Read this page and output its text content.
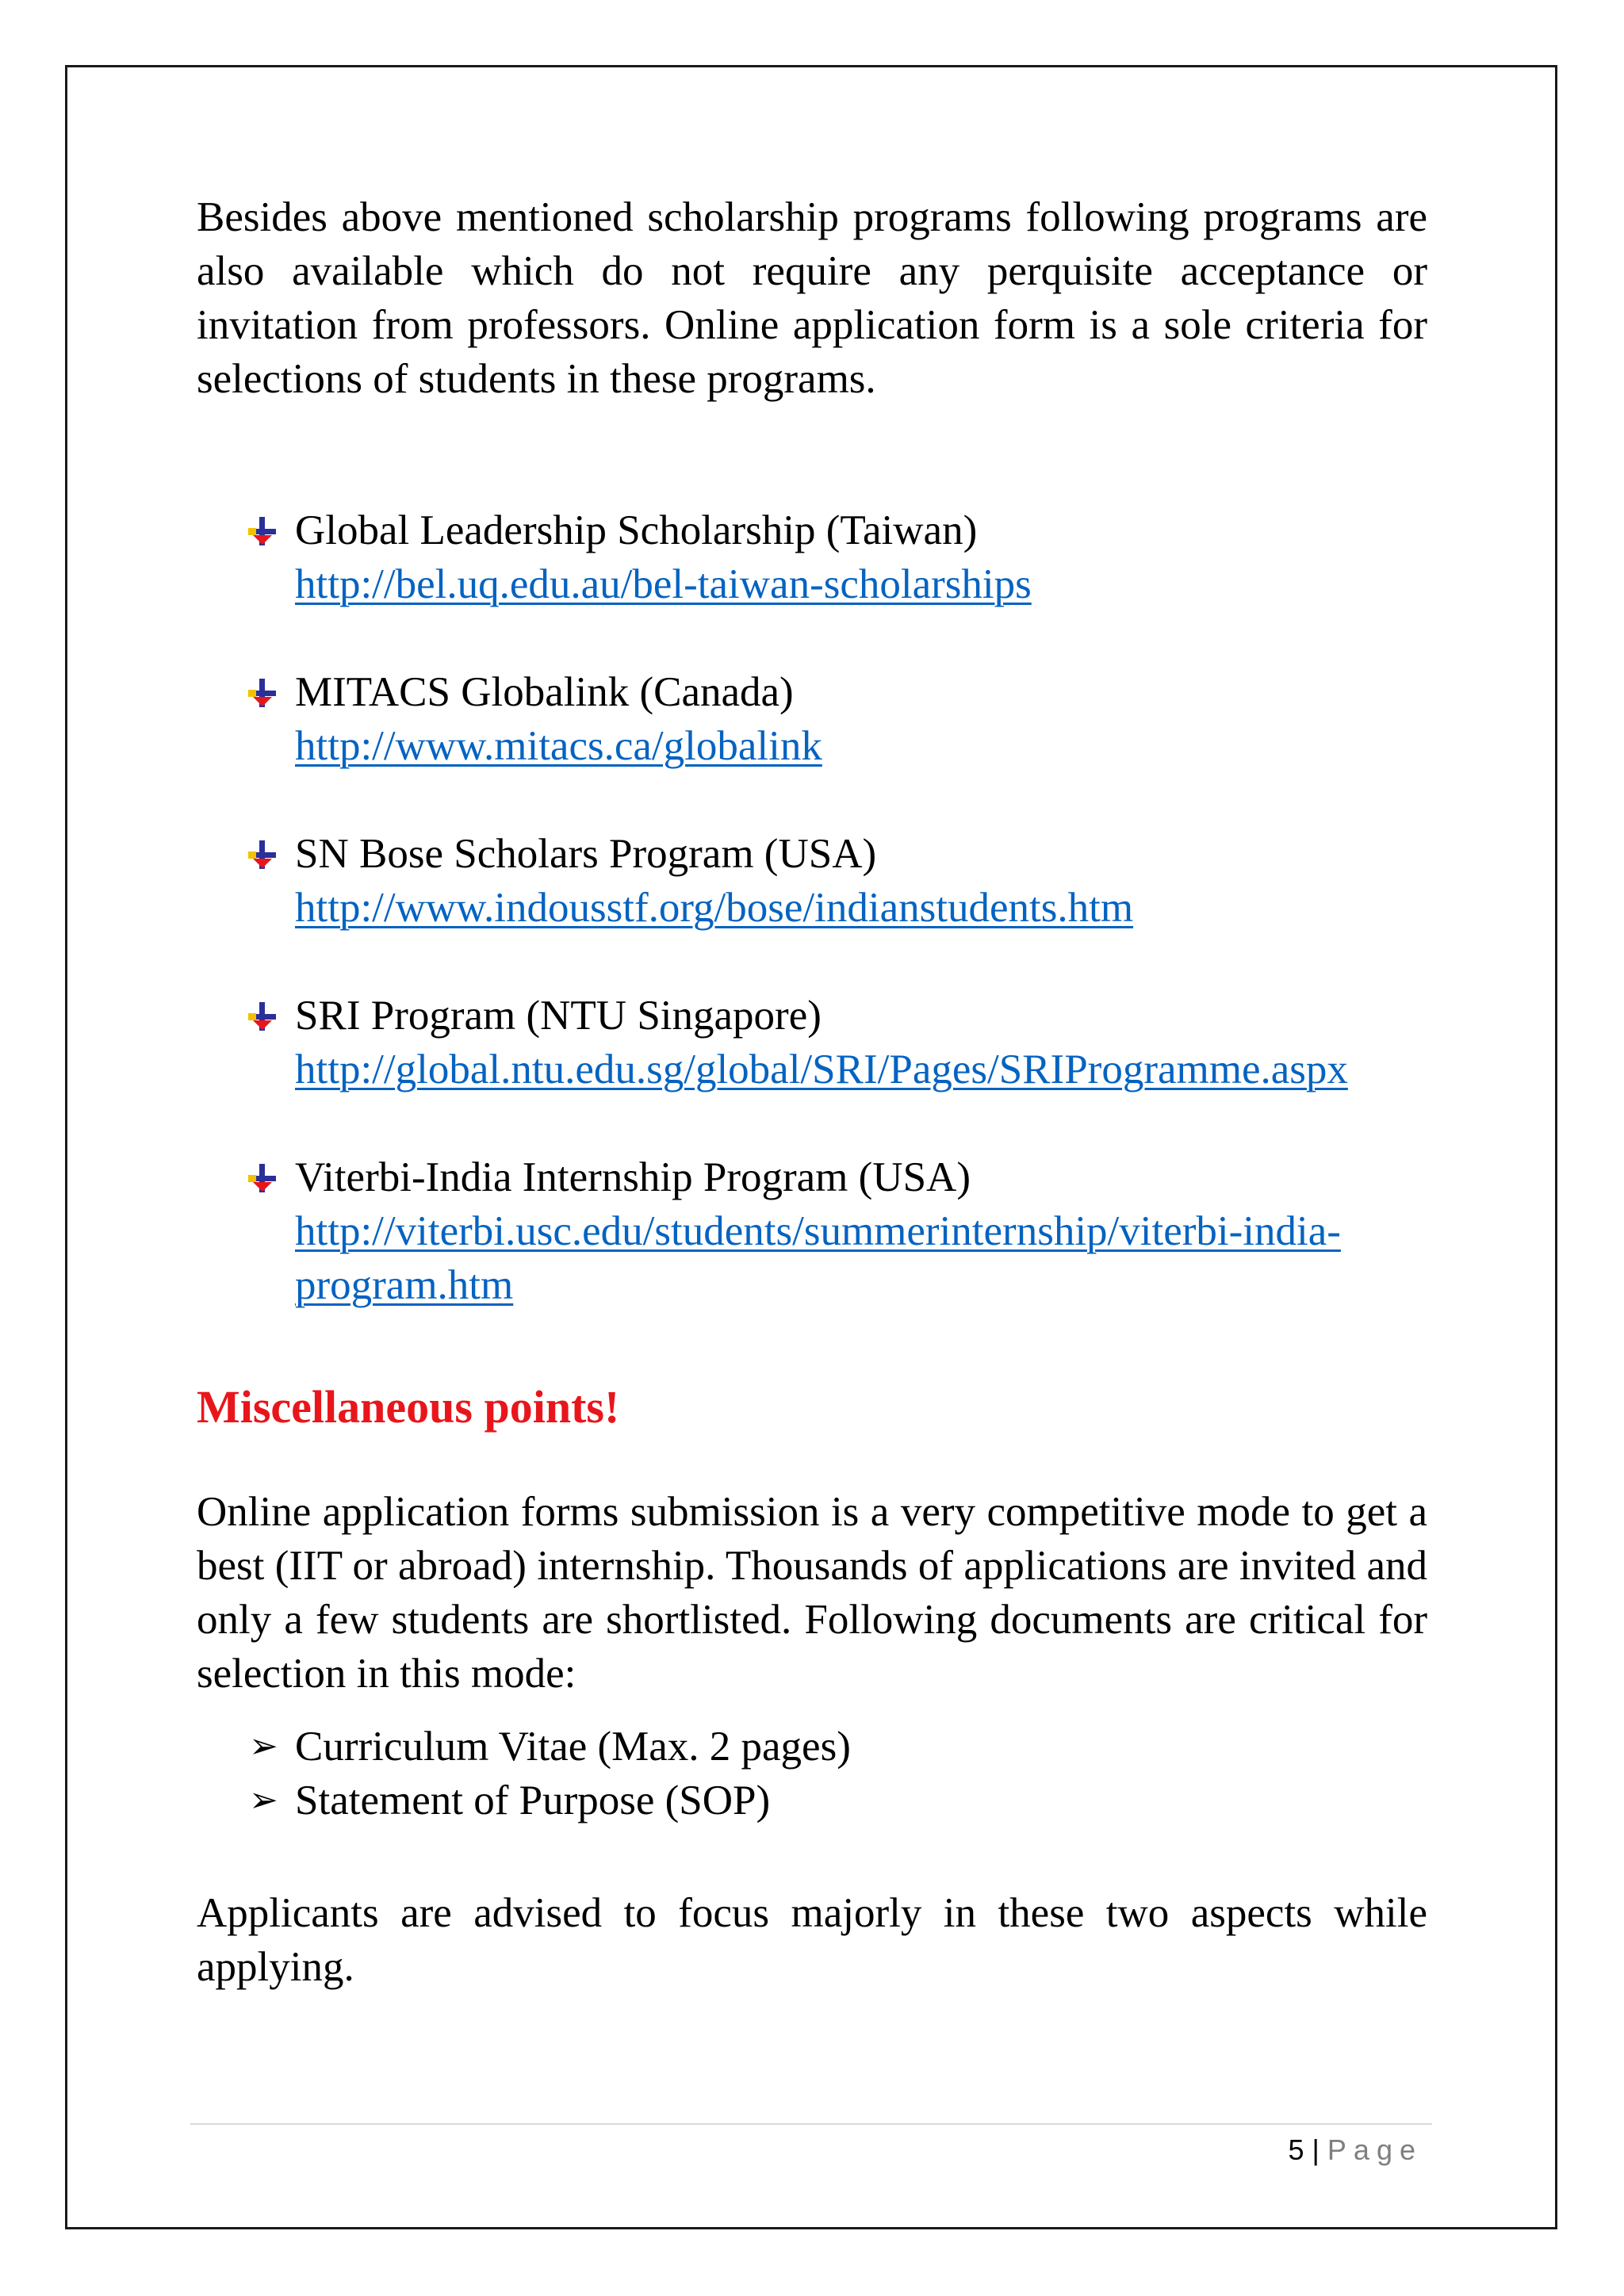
Besides above mentioned scholarship programs following programs are also available which do not require any perquisite acceptance or invitation from professors. Online application form is a sole criteria for selections of students in these programs.

Global Leadership Scholarship (Taiwan)
http://bel.uq.edu.au/bel-taiwan-scholarships
MITACS Globalink (Canada)
http://www.mitacs.ca/globalink
SN Bose Scholars Program (USA)
http://www.indousstf.org/bose/indianstudents.htm
SRI Program (NTU Singapore)
http://global.ntu.edu.sg/global/SRI/Pages/SRIProgramme.aspx
Viterbi-India Internship Program (USA)
http://viterbi.usc.edu/students/summerinternship/viterbi-india-program.htm
Miscellaneous points!

Online application forms submission is a very competitive mode to get a best (IIT or abroad) internship. Thousands of applications are invited and only a few students are shortlisted. Following documents are critical for selection in this mode:

➢ Curriculum Vitae (Max. 2 pages)
➢ Statement of Purpose (SOP)

Applicants are advised to focus majorly in these two aspects while applying.

5 | Page
